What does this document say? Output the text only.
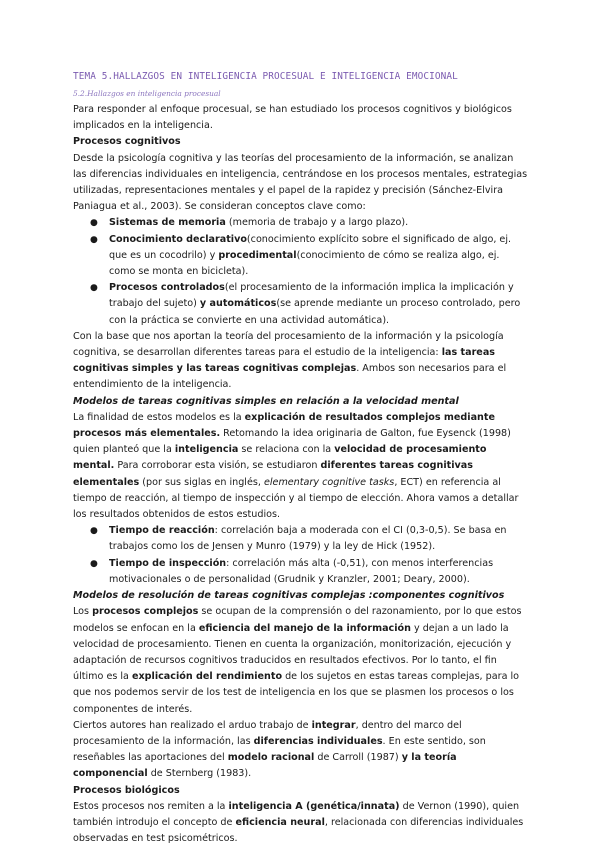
TEMA 5.HALLAZGOS EN INTELIGENCIA PROCESUAL E INTELIGENCIA EMOCIONAL
5.2.Hallazgos en inteligencia procesual

Para responder al enfoque procesual, se han estudiado los procesos cognitivos y biológicos implicados en la inteligencia.

Procesos cognitivos

Desde la psicología cognitiva y las teorías del procesamiento de la información, se analizan las diferencias individuales en inteligencia, centrándose en los procesos mentales, estrategias utilizadas, representaciones mentales y el papel de la rapidez y precisión (Sánchez-Elvira Paniagua et al., 2003). Se consideran conceptos clave como:

● Sistemas de memoria (memoria de trabajo y a largo plazo).
● Conocimiento declarativo(conocimiento explícito sobre el significado de algo, ej. que es un cocodrilo) y procedimental(conocimiento de cómo se realiza algo, ej. como se monta en bicicleta).
● Procesos controlados(el procesamiento de la información implica la implicación y trabajo del sujeto) y automáticos(se aprende mediante un proceso controlado, pero con la práctica se convierte en una actividad automática).

Con la base que nos aportan la teoría del procesamiento de la información y la psicología cognitiva, se desarrollan diferentes tareas para el estudio de la inteligencia: las tareas cognitivas simples y las tareas cognitivas complejas. Ambos son necesarios para el entendimiento de la inteligencia.

Modelos de tareas cognitivas simples en relación a la velocidad mental

La finalidad de estos modelos es la explicación de resultados complejos mediante procesos más elementales. Retomando la idea originaria de Galton, fue Eysenck (1998) quien planteó que la inteligencia se relaciona con la velocidad de procesamiento mental. Para corroborar esta visión, se estudiaron diferentes tareas cognitivas elementales (por sus siglas en inglés, elementary cognitive tasks, ECT) en referencia al tiempo de reacción, al tiempo de inspección y al tiempo de elección. Ahora vamos a detallar los resultados obtenidos de estos estudios.

● Tiempo de reacción: correlación baja a moderada con el CI (0,3-0,5). Se basa en trabajos como los de Jensen y Munro (1979) y la ley de Hick (1952).
● Tiempo de inspección: correlación más alta (-0,51), con menos interferencias motivacionales o de personalidad (Grudnik y Kranzler, 2001; Deary, 2000).

Modelos de resolución de tareas cognitivas complejas :componentes cognitivos

Los procesos complejos se ocupan de la comprensión o del razonamiento, por lo que estos modelos se enfocan en la eficiencia del manejo de la información y dejan a un lado la velocidad de procesamiento. Tienen en cuenta la organización, monitorización, ejecución y adaptación de recursos cognitivos traducidos en resultados efectivos. Por lo tanto, el fin último es la explicación del rendimiento de los sujetos en estas tareas complejas, para lo que nos podemos servir de los test de inteligencia en los que se plasmen los procesos o los componentes de interés.

Ciertos autores han realizado el arduo trabajo de integrar, dentro del marco del procesamiento de la información, las diferencias individuales. En este sentido, son reseñables las aportaciones del modelo racional de Carroll (1987) y la teoría componencial de Sternberg (1983).

Procesos biológicos

Estos procesos nos remiten a la inteligencia A (genética/innata) de Vernon (1990), quien también introdujo el concepto de eficiencia neural, relacionada con diferencias individuales observadas en test psicométricos.
